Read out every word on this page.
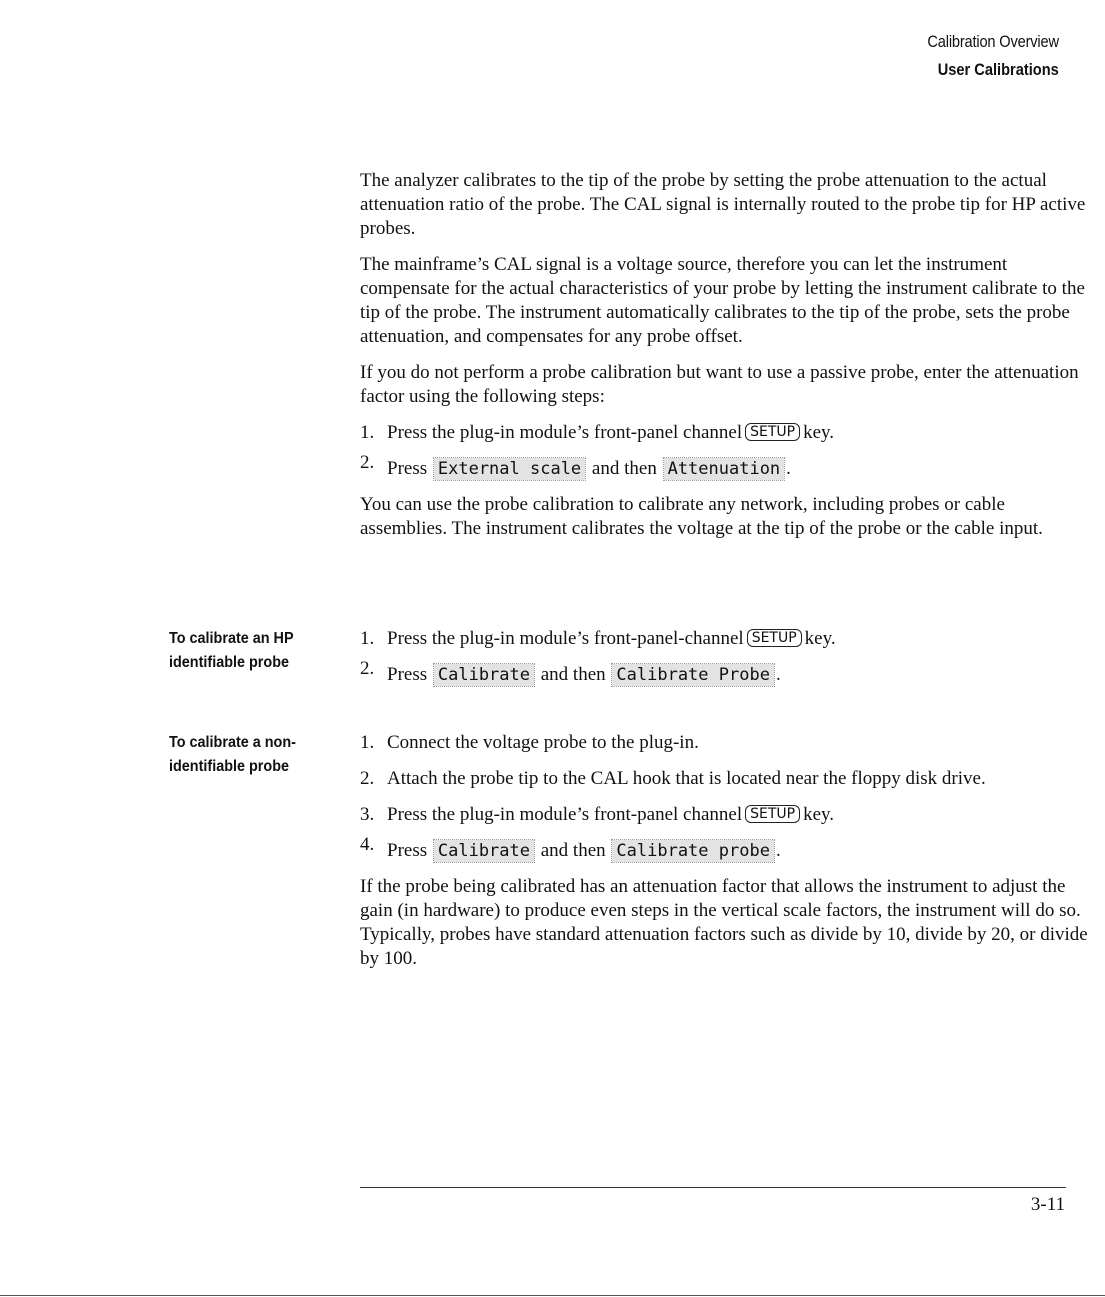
Calibration Overview
User Calibrations

The analyzer calibrates to the tip of the probe by setting the probe attenuation to the actual attenuation ratio of the probe. The CAL signal is internally routed to the probe tip for HP active probes.

The mainframe’s CAL signal is a voltage source, therefore you can let the instrument compensate for the actual characteristics of your probe by letting the instrument calibrate to the tip of the probe. The instrument automatically calibrates to the tip of the probe, sets the probe attenuation, and compensates for any probe offset.

If you do not perform a probe calibration but want to use a passive probe, enter the attenuation factor using the following steps:

1. Press the plug-in module’s front-panel channel SETUP key.
2. Press External scale and then Attenuation .

You can use the probe calibration to calibrate any network, including probes or cable assemblies. The instrument calibrates the voltage at the tip of the probe or the cable input.

To calibrate an HP identifiable probe
1. Press the plug-in module’s front-panel-channel SETUP key.
2. Press Calibrate and then Calibrate Probe .
To calibrate a non-identifiable probe
1. Connect the voltage probe to the plug-in.
2. Attach the probe tip to the CAL hook that is located near the floppy disk drive.
3. Press the plug-in module’s front-panel channel SETUP key.
4. Press Calibrate and then Calibrate probe .

If the probe being calibrated has an attenuation factor that allows the instrument to adjust the gain (in hardware) to produce even steps in the vertical scale factors, the instrument will do so. Typically, probes have standard attenuation factors such as divide by 10, divide by 20, or divide by 100.

3-11
